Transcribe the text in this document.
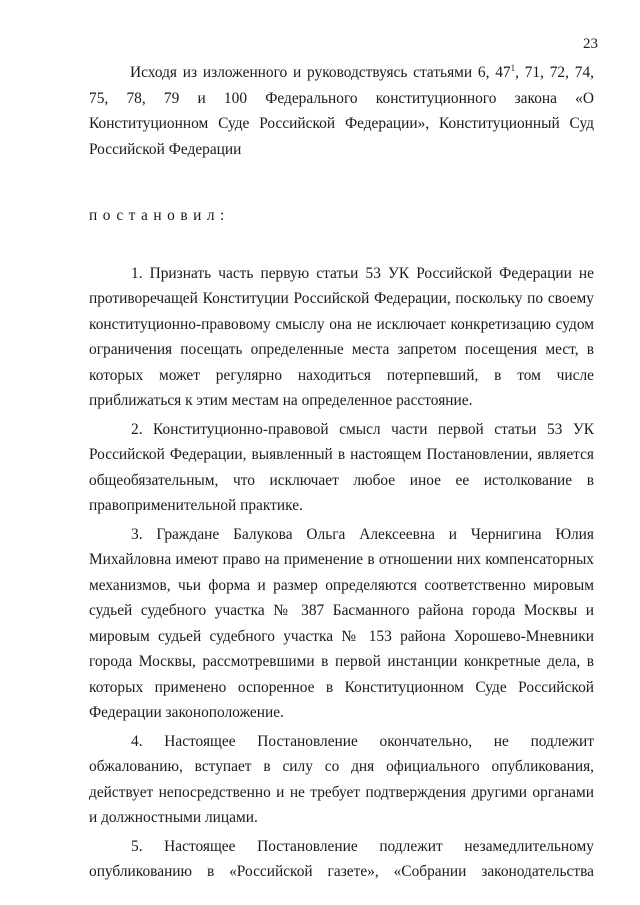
23

Исходя из изложенного и руководствуясь статьями 6, $47^1$, 71, 72, 74, 75, 78, 79 и 100 Федерального конституционного закона «О Конституционном Суде Российской Федерации», Конституционный Суд Российской Федерации

постановил:

1. Признать часть первую статьи 53 УК Российской Федерации не противоречащей Конституции Российской Федерации, поскольку по своему конституционно-правовому смыслу она не исключает конкретизацию судом ограничения посещать определенные места запретом посещения мест, в которых может регулярно находиться потерпевший, в том числе приближаться к этим местам на определенное расстояние.

2. Конституционно-правовой смысл части первой статьи 53 УК Российской Федерации, выявленный в настоящем Постановлении, является общеобязательным, что исключает любое иное ее истолкование в правоприменительной практике.

3. Граждане Балукова Ольга Алексеевна и Чернигина Юлия Михайловна имеют право на применение в отношении них компенсаторных механизмов, чьи форма и размер определяются соответственно мировым судьей судебного участка № 387 Басманного района города Москвы и мировым судьей судебного участка № 153 района Хорошево-Мневники города Москвы, рассмотревшими в первой инстанции конкретные дела, в которых применено оспоренное в Конституционном Суде Российской Федерации законоположение.

4. Настоящее Постановление окончательно, не подлежит обжалованию, вступает в силу со дня официального опубликования, действует непосредственно и не требует подтверждения другими органами и должностными лицами.

5. Настоящее Постановление подлежит незамедлительному опубликованию в «Российской газете», «Собрании законодательства
